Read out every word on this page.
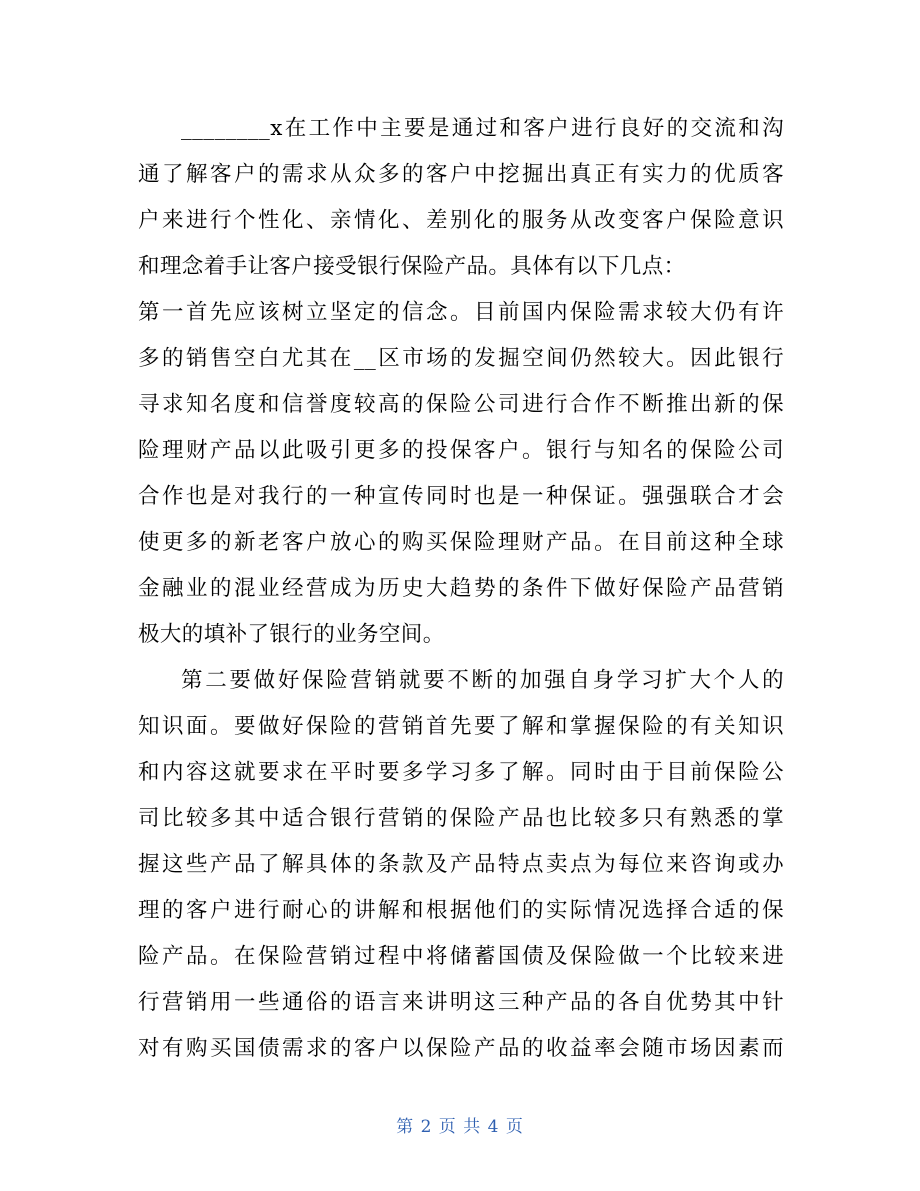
________x在工作中主要是通过和客户进行良好的交流和沟
通了解客户的需求从众多的客户中挖掘出真正有实力的优质客
户来进行个性化、亲情化、差别化的服务从改变客户保险意识
和理念着手让客户接受银行保险产品。具体有以下几点：
第一首先应该树立坚定的信念。目前国内保险需求较大仍有许
多的销售空白尤其在__区市场的发掘空间仍然较大。因此银行
寻求知名度和信誉度较高的保险公司进行合作不断推出新的保
险理财产品以此吸引更多的投保客户。银行与知名的保险公司
合作也是对我行的一种宣传同时也是一种保证。强强联合才会
使更多的新老客户放心的购买保险理财产品。在目前这种全球
金融业的混业经营成为历史大趋势的条件下做好保险产品营销
极大的填补了银行的业务空间。
第二要做好保险营销就要不断的加强自身学习扩大个人的
知识面。要做好保险的营销首先要了解和掌握保险的有关知识
和内容这就要求在平时要多学习多了解。同时由于目前保险公
司比较多其中适合银行营销的保险产品也比较多只有熟悉的掌
握这些产品了解具体的条款及产品特点卖点为每位来咨询或办
理的客户进行耐心的讲解和根据他们的实际情况选择合适的保
险产品。在保险营销过程中将储蓄国债及保险做一个比较来进
行营销用一些通俗的语言来讲明这三种产品的各自优势其中针
对有购买国债需求的客户以保险产品的收益率会随市场因素而
第 2 页 共 4 页
